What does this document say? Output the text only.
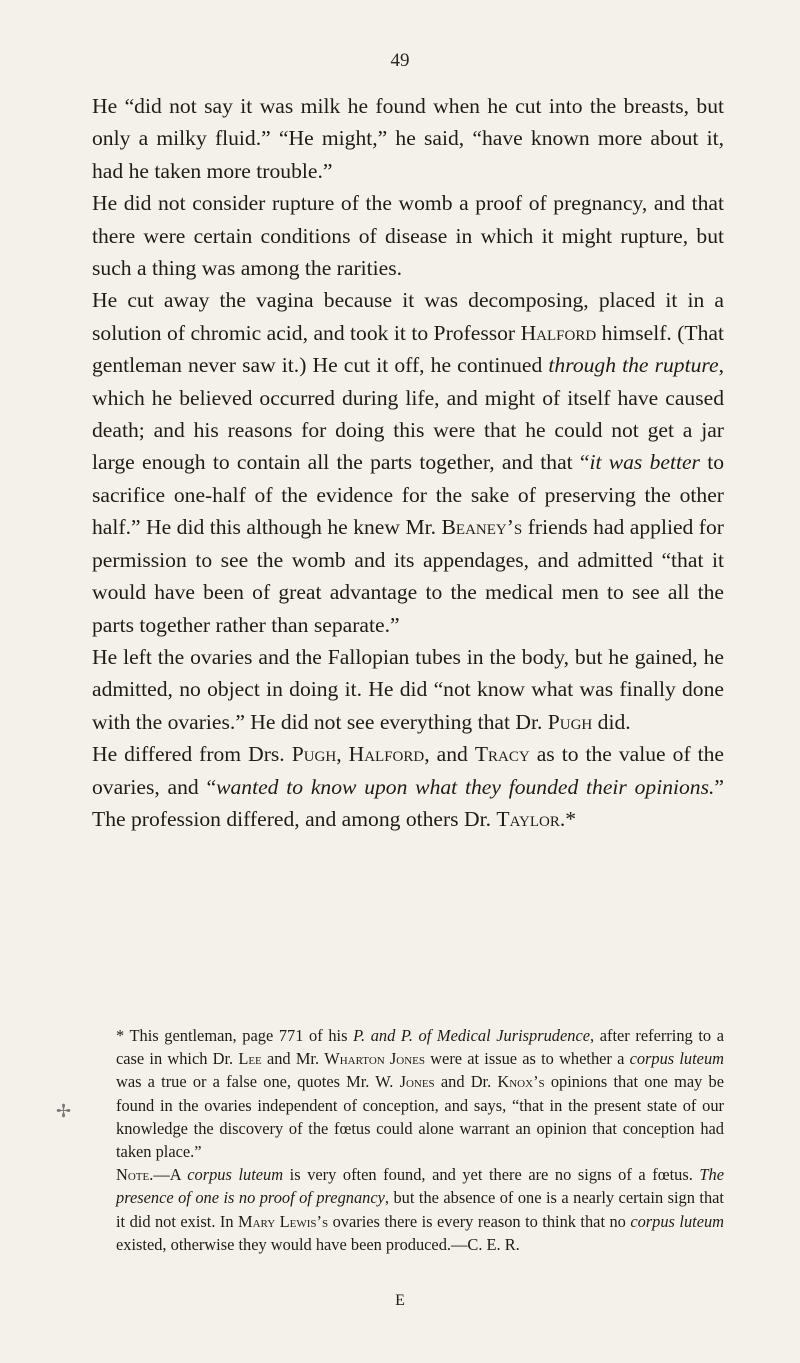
49

He “did not say it was milk he found when he cut into the breasts, but only a milky fluid.” “He might,” he said, “have known more about it, had he taken more trouble.”

He did not consider rupture of the womb a proof of pregnancy, and that there were certain conditions of disease in which it might rupture, but such a thing was among the rarities.

He cut away the vagina because it was decomposing, placed it in a solution of chromic acid, and took it to Professor Halford himself. (That gentleman never saw it.) He cut it off, he continued through the rupture, which he believed occurred during life, and might of itself have caused death; and his reasons for doing this were that he could not get a jar large enough to contain all the parts together, and that “it was better to sacrifice one-half of the evidence for the sake of preserving the other half.” He did this although he knew Mr. Beaney’s friends had applied for permission to see the womb and its appendages, and admitted “that it would have been of great advantage to the medical men to see all the parts together rather than separate.”

He left the ovaries and the Fallopian tubes in the body, but he gained, he admitted, no object in doing it. He did “not know what was finally done with the ovaries.” He did not see everything that Dr. Pugh did.

He differed from Drs. Pugh, Halford, and Tracy as to the value of the ovaries, and “wanted to know upon what they founded their opinions.” The profession differed, and among others Dr. Taylor.*

✢

* This gentleman, page 771 of his P. and P. of Medical Jurisprudence, after referring to a case in which Dr. Lee and Mr. Wharton Jones were at issue as to whether a corpus luteum was a true or a false one, quotes Mr. W. Jones and Dr. Knox’s opinions that one may be found in the ovaries independent of conception, and says, “that in the present state of our knowledge the discovery of the fœtus could alone warrant an opinion that conception had taken place.”

Note.—A corpus luteum is very often found, and yet there are no signs of a fœtus. The presence of one is no proof of pregnancy, but the absence of one is a nearly certain sign that it did not exist. In Mary Lewis’s ovaries there is every reason to think that no corpus luteum existed, otherwise they would have been produced.—C. E. R.

E
